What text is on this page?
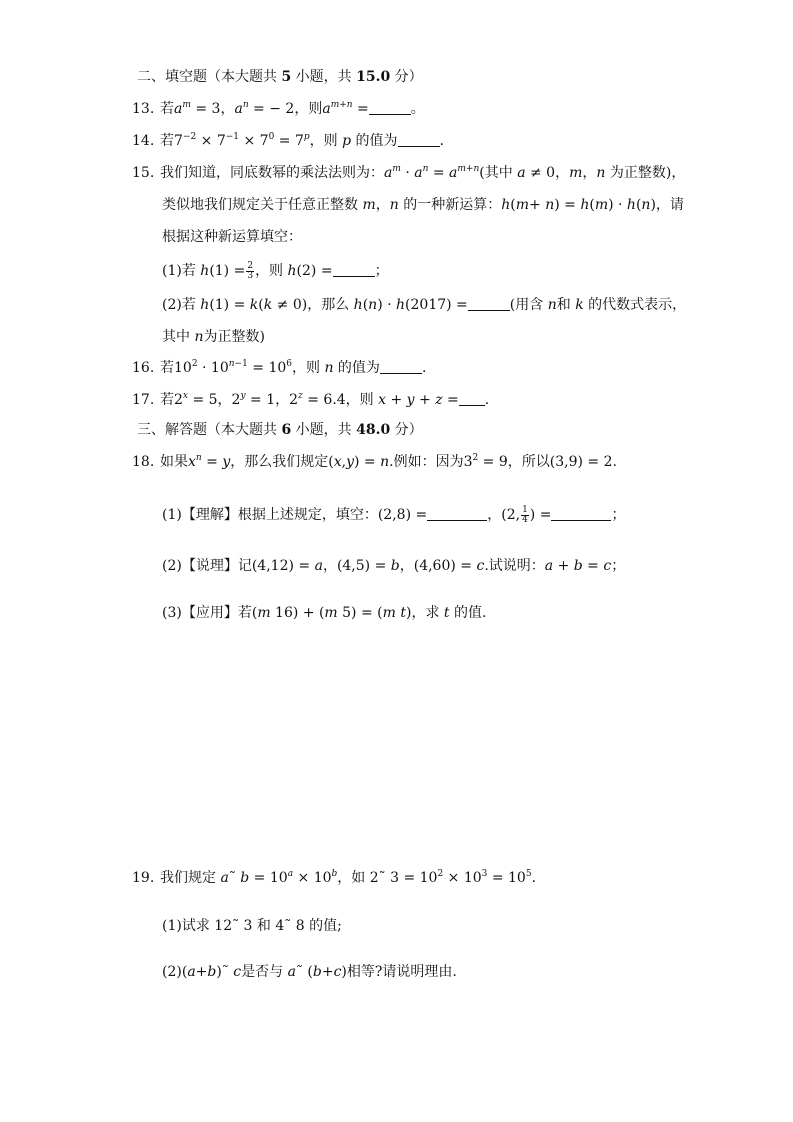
二、填空题（本大题共 5 小题，共 15.0 分）
13. 若$a^m = 3$，$a^n$ = − 2，则$a^{m+n}$ =	。
14. 若$7^{-2} \times 7^{-1} \times 7^0 = 7^p$，则 p 的值为	.
15. 我们知道，同底数幂的乘法法则为：$a^m \cdot a^n = a^{m+n}$(其中 a ≠ 0，m，n 为正整数)，
类似地我们规定关于任意正整数 m，n 的一种新运算：h(m+ n) = h(m) · h(n)，请
根据这种新运算填空：
(1)若 $h(1) = \frac{2}{3}$ ，则 h(2) =	；
(2)若 h(1) = k(k ≠ 0)，那么 h(n) · h(2017) =	(用含 n和 k 的代数式表示，
其中 n为正整数)
16. 若$10^2 \cdot 10^{n-1} = 10^6$，则 n 的值为	.
17. 若$2^x = 5$，$2^y = 1$，$2^z = 6.4$，则 x + y + z = .
三、解答题（本大题共 6 小题，共 48.0 分）
18. 如果$x^n = y$，那么我们规定(x,y) = n.例如：因为$3^2 = 9$，所以(3,9) = 2.
(1)【理解】根据上述规定，填空：(2,8) =	，(2, $\frac{1}{4}$ ) =	；
(2)【说理】记(4,12) = a，(4,5) = b，(4,60) = c.试说明：a + b = c；
(3)【应用】若(m 16) + (m 5) = (m t)，求 t 的值.
19. 我们规定 a˜ $b = 10^a \times 10^b$，如 2˜ $3 = 10^2 \times 10^3 = 10^5$.
(1)试求 12˜ 3 和 4˜ 8 的值;
(2)(a+b)˜ c是否与 a˜ (b+c)相等?请说明理由.
